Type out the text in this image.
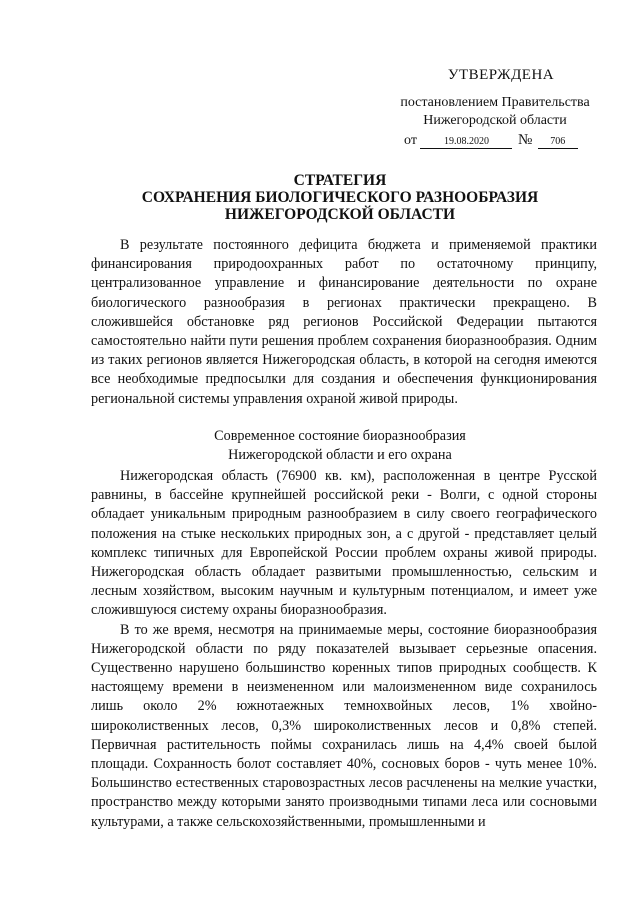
УТВЕРЖДЕНА
постановлением Правительства
Нижегородской области
от	19.08.2020 № 706
СТРАТЕГИЯ
СОХРАНЕНИЯ БИОЛОГИЧЕСКОГО РАЗНООБРАЗИЯ
НИЖЕГОРОДСКОЙ ОБЛАСТИ

В результате постоянного дефицита бюджета и применяемой практики финансирования природоохранных работ по остаточному принципу, централизованное управление и финансирование деятельности по охране биологического разнообразия в регионах практически прекращено. В сложившейся обстановке ряд регионов Российской Федерации пытаются самостоятельно найти пути решения проблем сохранения биоразнообразия. Одним из таких регионов является Нижегородская область, в которой на сегодня имеются все необходимые предпосылки для создания и обеспечения функционирования региональной системы управления охраной живой природы.

Современное состояние биоразнообразия
Нижегородской области и его охрана

Нижегородская область (76900 кв. км), расположенная в центре Русской равнины, в бассейне крупнейшей российской реки - Волги, с одной стороны обладает уникальным природным разнообразием в силу своего географического положения на стыке нескольких природных зон, а с другой - представляет целый комплекс типичных для Европейской России проблем охраны живой природы. Нижегородская область обладает развитыми промышленностью, сельским и лесным хозяйством, высоким научным и культурным потенциалом, и имеет уже сложившуюся систему охраны биоразнообразия.

В то же время, несмотря на принимаемые меры, состояние биоразнообразия Нижегородской области по ряду показателей вызывает серьезные опасения. Существенно нарушено большинство коренных типов природных сообществ. К настоящему времени в неизмененном или малоизмененном виде сохранилось лишь около 2% южнотаежных темнохвойных лесов, 1% хвойно-широколиственных лесов, 0,3% широколиственных лесов и 0,8% степей. Первичная растительность поймы сохранилась лишь на 4,4% своей былой площади. Сохранность болот составляет 40%, сосновых боров - чуть менее 10%. Большинство естественных старовозрастных лесов расчленены на мелкие участки, пространство между которыми занято производными типами леса или сосновыми культурами, а также сельскохозяйственными, промышленными и
